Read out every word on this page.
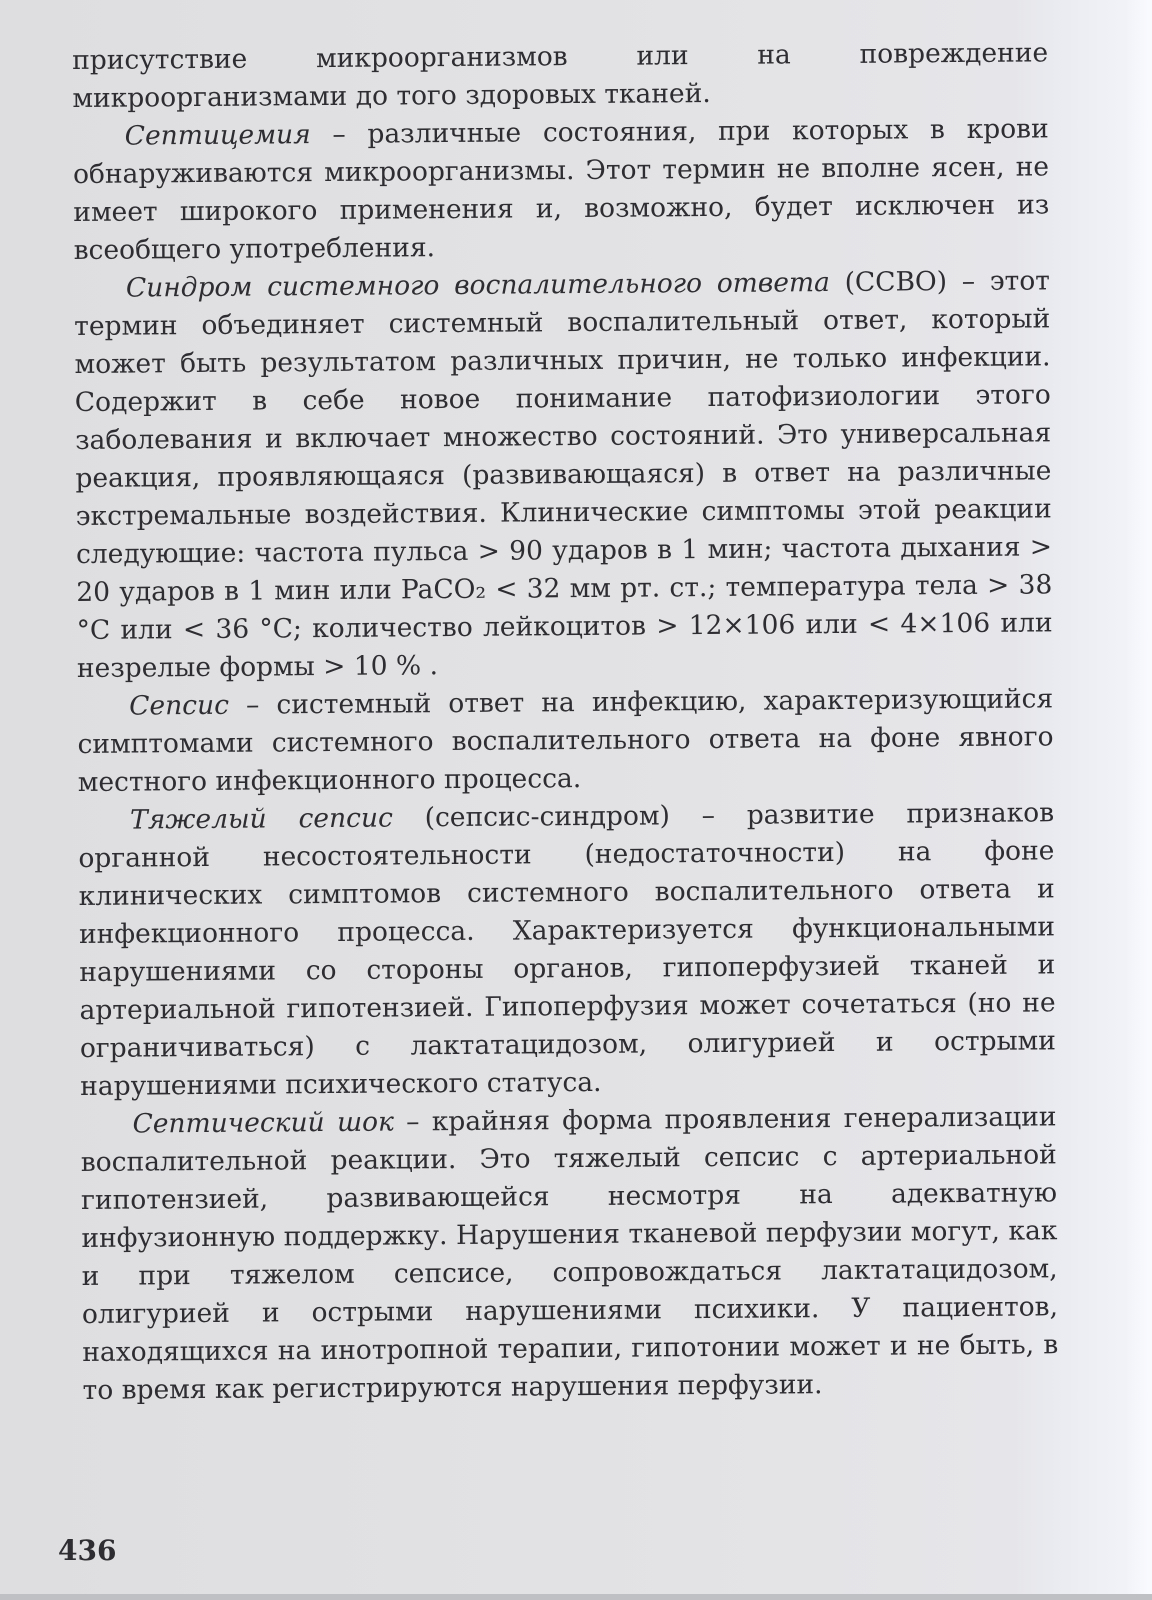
присутствие микроорганизмов или на повреждение микроорганизмами до того здоровых тканей.

Септицемия – различные состояния, при которых в крови обнаруживаются микроорганизмы. Этот термин не вполне ясен, не имеет широкого применения и, возможно, будет исключен из всеобщего употребления.

Синдром системного воспалительного ответа (ССВО) – этот термин объединяет системный воспалительный ответ, который может быть результатом различных причин, не только инфекции. Содержит в себе новое понимание патофизиологии этого заболевания и включает множество состояний. Это универсальная реакция, проявляющаяся (развивающаяся) в ответ на различные экстремальные воздействия. Клинические симптомы этой реакции следующие: частота пульса > 90 ударов в 1 мин; частота дыхания > 20 ударов в 1 мин или PaCO₂ < 32 мм рт. ст.; температура тела > 38 °С или < 36 °С; количество лейкоцитов > 12×106 или < 4×106 или незрелые формы > 10 % .

Сепсис – системный ответ на инфекцию, характеризующийся симптомами системного воспалительного ответа на фоне явного местного инфекционного процесса.

Тяжелый сепсис (сепсис-синдром) – развитие признаков органной несостоятельности (недостаточности) на фоне клинических симптомов системного воспалительного ответа и инфекционного процесса. Характеризуется функциональными нарушениями со стороны органов, гипоперфузией тканей и артериальной гипотензией. Гипоперфузия может сочетаться (но не ограничиваться) с лактатацидозом, олигурией и острыми нарушениями психического статуса.

Септический шок – крайняя форма проявления генерализации воспалительной реакции. Это тяжелый сепсис с артериальной гипотензией, развивающейся несмотря на адекватную инфузионную поддержку. Нарушения тканевой перфузии могут, как и при тяжелом сепсисе, сопровождаться лактатацидозом, олигурией и острыми нарушениями психики. У пациентов, находящихся на инотропной терапии, гипотонии может и не быть, в то время как регистрируются нарушения перфузии.

436
